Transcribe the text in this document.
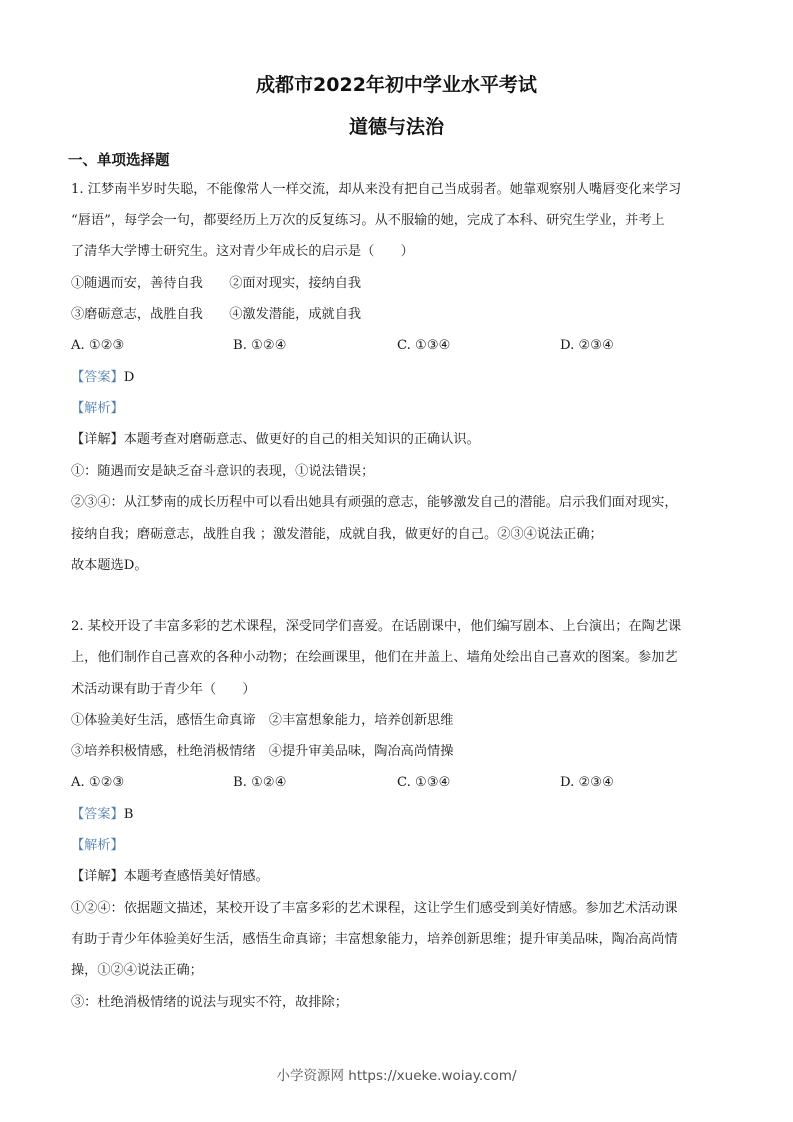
成都市2022年初中学业水平考试
道德与法治
一、单项选择题
1. 江梦南半岁时失聪，不能像常人一样交流，却从来没有把自己当成弱者。她靠观察别人嘴唇变化来学习
“唇语”，每学会一句，都要经历上万次的反复练习。从不服输的她，完成了本科、研究生学业，并考上
了清华大学博士研究生。这对青少年成长的启示是（　　）
①随遇而安，善待自我　　②面对现实，接纳自我
③磨砺意志，战胜自我　　④激发潜能，成就自我
A. ①②③	B. ①②④	C. ①③④	D. ②③④
【答案】D
【解析】
【详解】本题考查对磨砺意志、做更好的自己的相关知识的正确认识。
①：随遇而安是缺乏奋斗意识的表现，①说法错误；
②③④：从江梦南的成长历程中可以看出她具有顽强的意志，能够激发自己的潜能。启示我们面对现实，
接纳自我；磨砺意志，战胜自我 ；激发潜能，成就自我，做更好的自己。②③④说法正确；
故本题选D。
2. 某校开设了丰富多彩的艺术课程，深受同学们喜爱。在话剧课中，他们编写剧本、上台演出；在陶艺课
上，他们制作自己喜欢的各种小动物；在绘画课里，他们在井盖上、墙角处绘出自己喜欢的图案。参加艺
术活动课有助于青少年（　　）
①体验美好生活，感悟生命真谛　②丰富想象能力，培养创新思维
③培养积极情感，杜绝消极情绪　④提升审美品味，陶冶高尚情操
A. ①②③	B. ①②④	C. ①③④	D. ②③④
【答案】B
【解析】
【详解】本题考查感悟美好情感。
①②④：依据题文描述，某校开设了丰富多彩的艺术课程，这让学生们感受到美好情感。参加艺术活动课
有助于青少年体验美好生活，感悟生命真谛；丰富想象能力，培养创新思维；提升审美品味，陶冶高尚情
操，①②④说法正确；
③：杜绝消极情绪的说法与现实不符，故排除；
小学资源网 https://xueke.woiay.com/
